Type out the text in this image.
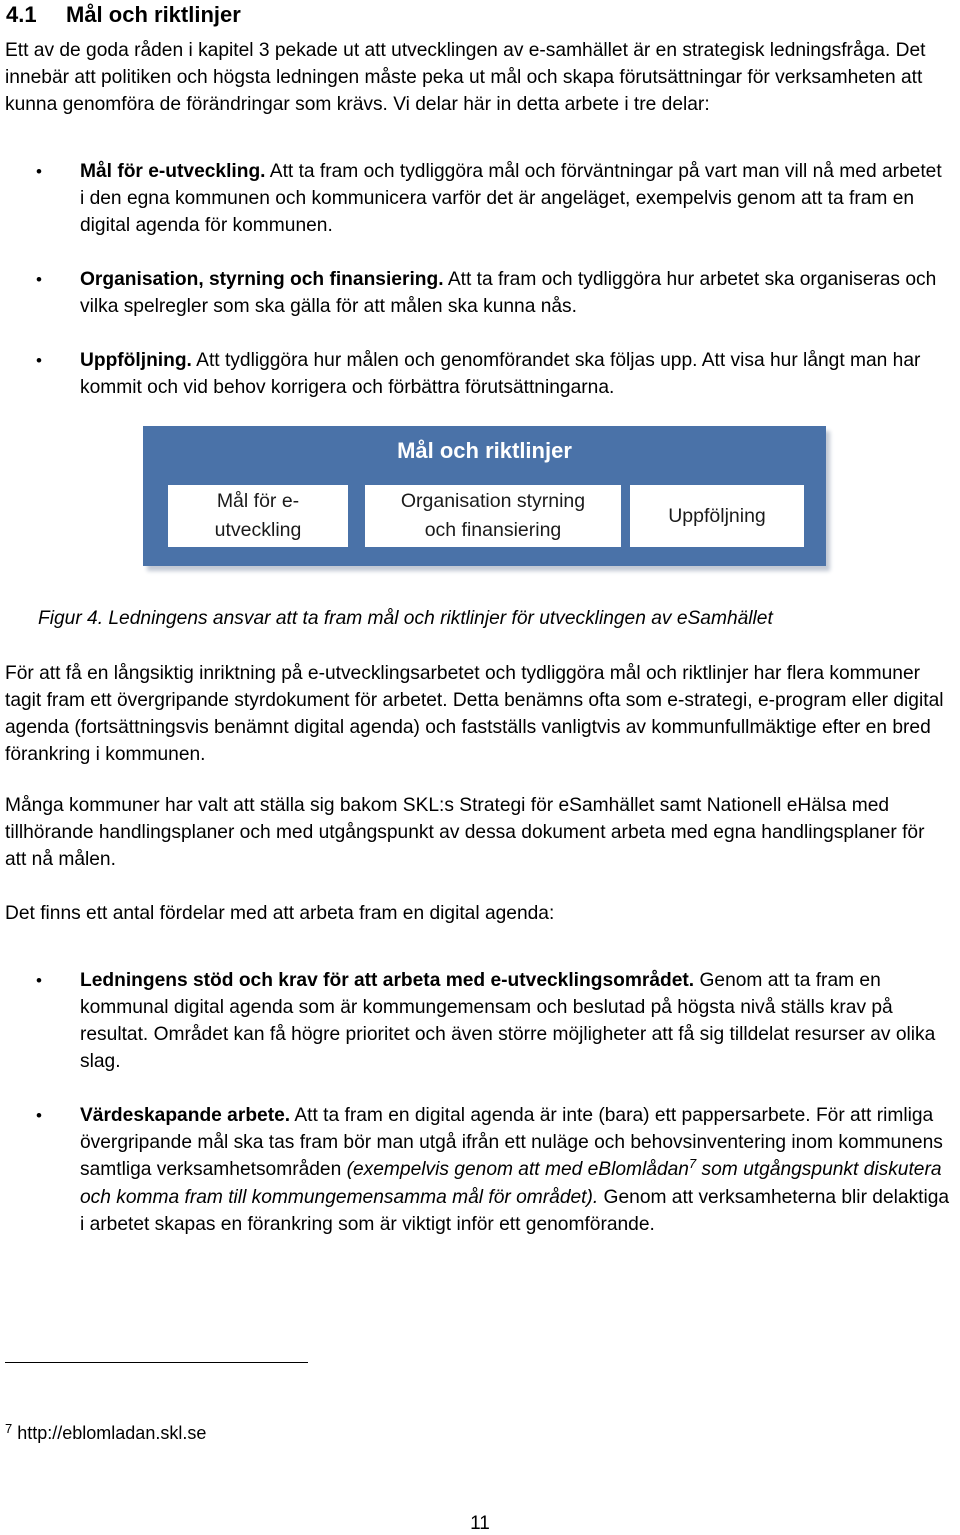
4.1 Mål och riktlinjer
Ett av de goda råden i kapitel 3 pekade ut att utvecklingen av e-samhället är en strategisk ledningsfråga. Det innebär att politiken och högsta ledningen måste peka ut mål och skapa förutsättningar för verksamheten att kunna genomföra de förändringar som krävs. Vi delar här in detta arbete i tre delar:
• Mål för e-utveckling. Att ta fram och tydliggöra mål och förväntningar på vart man vill nå med arbetet i den egna kommunen och kommunicera varför det är angeläget, exempelvis genom att ta fram en digital agenda för kommunen.
• Organisation, styrning och finansiering. Att ta fram och tydliggöra hur arbetet ska organiseras och vilka spelregler som ska gälla för att målen ska kunna nås.
• Uppföljning. Att tydliggöra hur målen och genomförandet ska följas upp. Att visa hur långt man har kommit och vid behov korrigera och förbättra förutsättningarna.
Mål och riktlinjer
Mål för e-
utveckling
Organisation styrning
och finansiering
Uppföljning
Figur 4. Ledningens ansvar att ta fram mål och riktlinjer för utvecklingen av eSamhället
För att få en långsiktig inriktning på e-utvecklingsarbetet och tydliggöra mål och riktlinjer har flera kommuner tagit fram ett övergripande styrdokument för arbetet. Detta benämns ofta som e-strategi, e-program eller digital agenda (fortsättningsvis benämnt digital agenda) och fastställs vanligtvis av kommunfullmäktige efter en bred förankring i kommunen.
Många kommuner har valt att ställa sig bakom SKL:s Strategi för eSamhället samt Nationell eHälsa med tillhörande handlingsplaner och med utgångspunkt av dessa dokument arbeta med egna handlingsplaner för att nå målen.
Det finns ett antal fördelar med att arbeta fram en digital agenda:
• Ledningens stöd och krav för att arbeta med e-utvecklingsområdet. Genom att ta fram en kommunal digital agenda som är kommungemensam och beslutad på högsta nivå ställs krav på resultat. Området kan få högre prioritet och även större möjligheter att få sig tilldelat resurser av olika slag.
• Värdeskapande arbete. Att ta fram en digital agenda är inte (bara) ett pappersarbete. För att rimliga övergripande mål ska tas fram bör man utgå ifrån ett nuläge och behovsinventering inom kommunens samtliga verksamhetsområden (exempelvis genom att med eBlomlådan$^7$ som utgångspunkt diskutera och komma fram till kommungemensamma mål för området). Genom att verksamheterna blir delaktiga i arbetet skapas en förankring som är viktigt inför ett genomförande.
$^7$ http://eblomladan.skl.se
11
